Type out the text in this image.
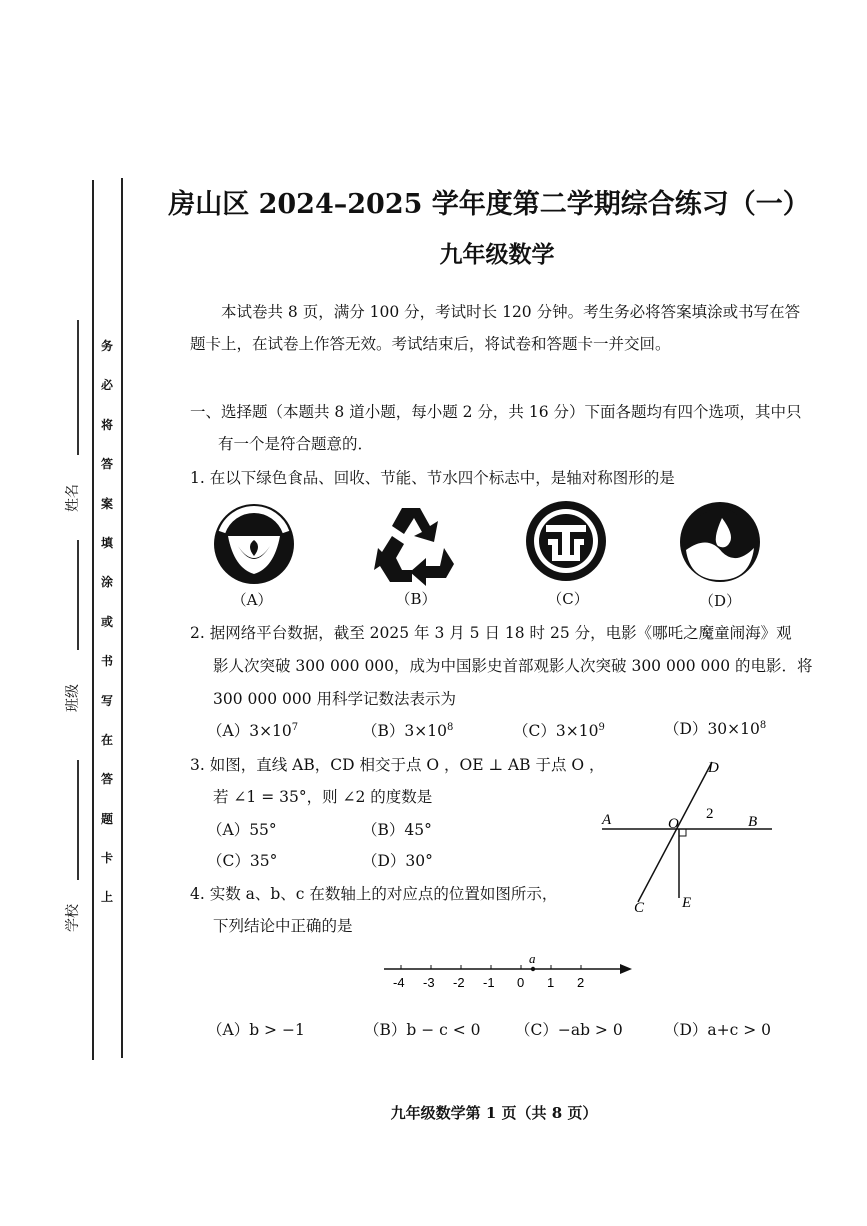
务
必
将
答
案
填
涂
或
书
写
在
答
题
卡
上
姓名
班级
学校
房山区 2024–2025 学年度第二学期综合练习（一）
九年级数学
本试卷共 8 页，满分 100 分，考试时长 120 分钟。考生务必将答案填涂或书写在答
题卡上，在试卷上作答无效。考试结束后，将试卷和答题卡一并交回。
一、选择题（本题共 8 道小题，每小题 2 分，共 16 分）下面各题均有四个选项，其中只
有一个是符合题意的．
1. 在以下绿色食品、回收、节能、节水四个标志中，是轴对称图形的是
（A）	（B）	（C）	（D）
2. 据网络平台数据，截至 2025 年 3 月 5 日 18 时 25 分，电影《哪吒之魔童闹海》观
影人次突破 300 000 000，成为中国影史首部观影人次突破 300 000 000 的电影．将
300 000 000 用科学记数法表示为
$(A)3\times 10^7$	$(B)3\times 10^8$	$(C)3\times 10^9$	$(D)30\times 10^8$
3. 如图，直线 AB，CD 相交于点 O ，OE ⊥ AB 于点 O ，
若 ∠1 = 35°，则 ∠2 的度数是
（A）55°	（B）45°
（C）35°	（D）30°
A	B
C
D
E
O
2
4. 实数 a、b、c 在数轴上的对应点的位置如图所示，
下列结论中正确的是
a
-4 -3 -2 -1 0 1 2
（A）b > −1	（B）b − c < 0 （C）−ab > 0	（D）a+c > 0
九年级数学第 1 页（共 8 页）
